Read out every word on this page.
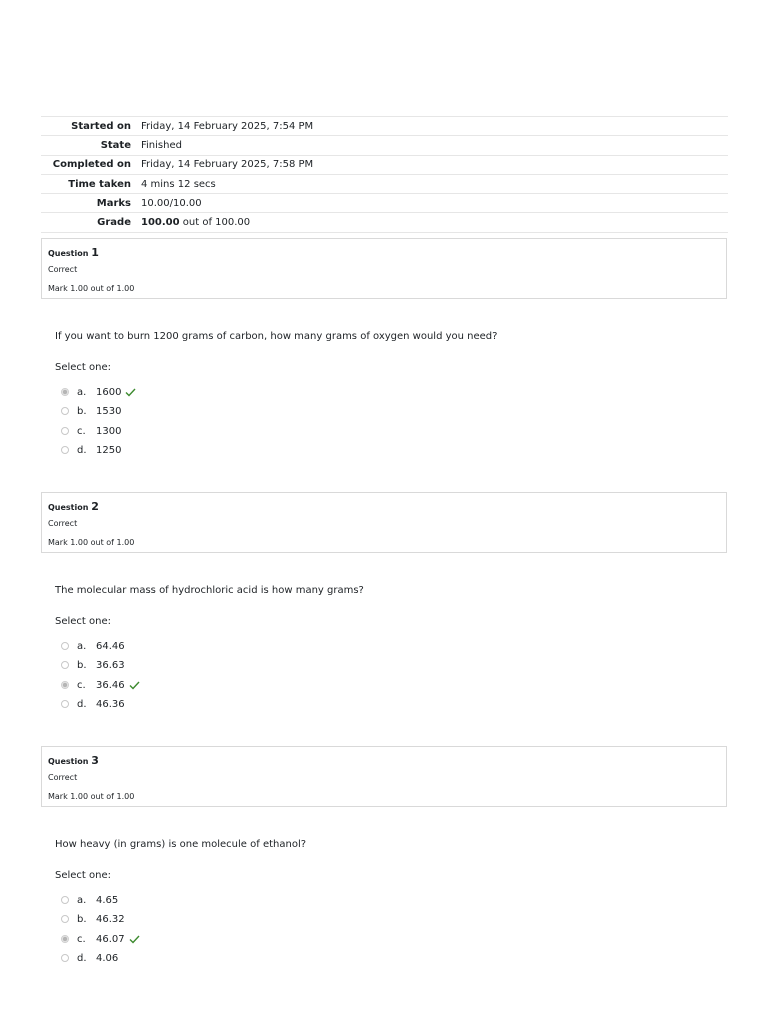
Started on	Friday, 14 February 2025, 7:54 PM
State	Finished
Completed on	Friday, 14 February 2025, 7:58 PM
Time taken	4 mins 12 secs
Marks	10.00/10.00
Grade	100.00 out of 100.00
Question 1
Correct
Mark 1.00 out of 1.00
If you want to burn 1200 grams of carbon, how many grams of oxygen would you need?
Select one:
a. 1600
b. 1530
c.	1300
d. 1250
Question 2
Correct
Mark 1.00 out of 1.00
The molecular mass of hydrochloric acid is how many grams?
Select one:
a. 64.46
b. 36.63
c.	36.46
d. 46.36
Question 3
Correct
Mark 1.00 out of 1.00
How heavy (in grams) is one molecule of ethanol?
Select one:
a. 4.65
b. 46.32
c.	46.07
d. 4.06
